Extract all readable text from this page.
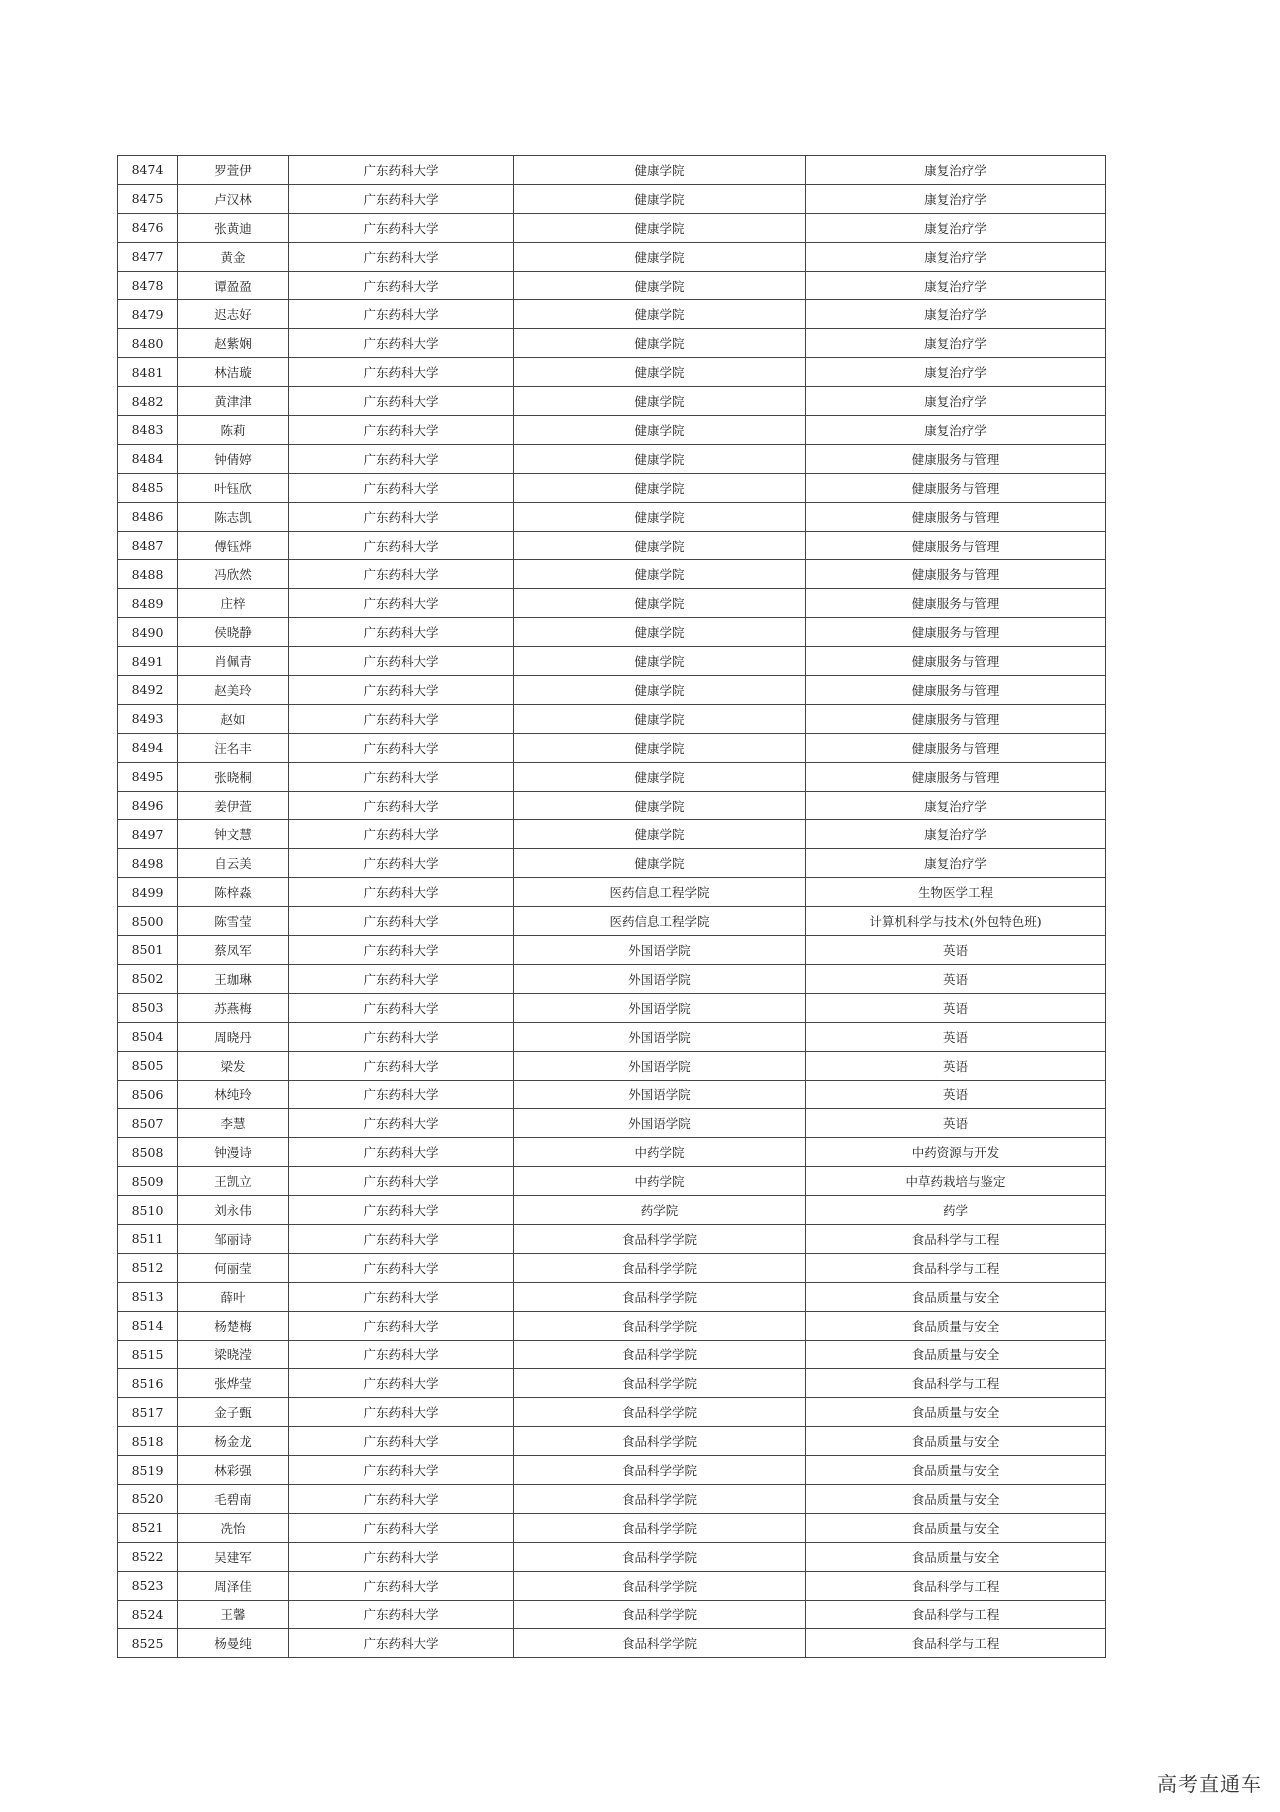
8474	罗萱伊	广东药科大学	健康学院	康复治疗学
8475	卢汉林	广东药科大学	健康学院	康复治疗学
8476	张黄迪	广东药科大学	健康学院	康复治疗学
8477	黄金	广东药科大学	健康学院	康复治疗学
8478	谭盈盈	广东药科大学	健康学院	康复治疗学
8479	迟志好	广东药科大学	健康学院	康复治疗学
8480	赵紫娴	广东药科大学	健康学院	康复治疗学
8481	林洁璇	广东药科大学	健康学院	康复治疗学
8482	黄津津	广东药科大学	健康学院	康复治疗学
8483	陈莉	广东药科大学	健康学院	康复治疗学
8484	钟倩婷	广东药科大学	健康学院	健康服务与管理
8485	叶钰欣	广东药科大学	健康学院	健康服务与管理
8486	陈志凯	广东药科大学	健康学院	健康服务与管理
8487	傅钰烨	广东药科大学	健康学院	健康服务与管理
8488	冯欣然	广东药科大学	健康学院	健康服务与管理
8489	庄梓	广东药科大学	健康学院	健康服务与管理
8490	侯晓静	广东药科大学	健康学院	健康服务与管理
8491	肖佩青	广东药科大学	健康学院	健康服务与管理
8492	赵美玲	广东药科大学	健康学院	健康服务与管理
8493	赵如	广东药科大学	健康学院	健康服务与管理
8494	汪名丰	广东药科大学	健康学院	健康服务与管理
8495	张晓桐	广东药科大学	健康学院	健康服务与管理
8496	姜伊萱	广东药科大学	健康学院	康复治疗学
8497	钟文慧	广东药科大学	健康学院	康复治疗学
8498	自云美	广东药科大学	健康学院	康复治疗学
8499	陈梓淼	广东药科大学	医药信息工程学院	生物医学工程
8500	陈雪莹	广东药科大学	医药信息工程学院	计算机科学与技术(外包特色班)
8501	蔡凤军	广东药科大学	外国语学院	英语
8502	王珈琳	广东药科大学	外国语学院	英语
8503	苏燕梅	广东药科大学	外国语学院	英语
8504	周晓丹	广东药科大学	外国语学院	英语
8505	梁发	广东药科大学	外国语学院	英语
8506	林纯玲	广东药科大学	外国语学院	英语
8507	李慧	广东药科大学	外国语学院	英语
8508	钟漫诗	广东药科大学	中药学院	中药资源与开发
8509	王凯立	广东药科大学	中药学院	中草药栽培与鉴定
8510	刘永伟	广东药科大学	药学院	药学
8511	邹丽诗	广东药科大学	食品科学学院	食品科学与工程
8512	何丽莹	广东药科大学	食品科学学院	食品科学与工程
8513	薛叶	广东药科大学	食品科学学院	食品质量与安全
8514	杨楚梅	广东药科大学	食品科学学院	食品质量与安全
8515	梁晓滢	广东药科大学	食品科学学院	食品质量与安全
8516	张烨莹	广东药科大学	食品科学学院	食品科学与工程
8517	金子甄	广东药科大学	食品科学学院	食品质量与安全
8518	杨金龙	广东药科大学	食品科学学院	食品质量与安全
8519	林彩强	广东药科大学	食品科学学院	食品质量与安全
8520	毛碧南	广东药科大学	食品科学学院	食品质量与安全
8521	冼怡	广东药科大学	食品科学学院	食品质量与安全
8522	吴建军	广东药科大学	食品科学学院	食品质量与安全
8523	周泽佳	广东药科大学	食品科学学院	食品科学与工程
8524	王馨	广东药科大学	食品科学学院	食品科学与工程
8525	杨曼纯	广东药科大学	食品科学学院	食品科学与工程
高考直通车
